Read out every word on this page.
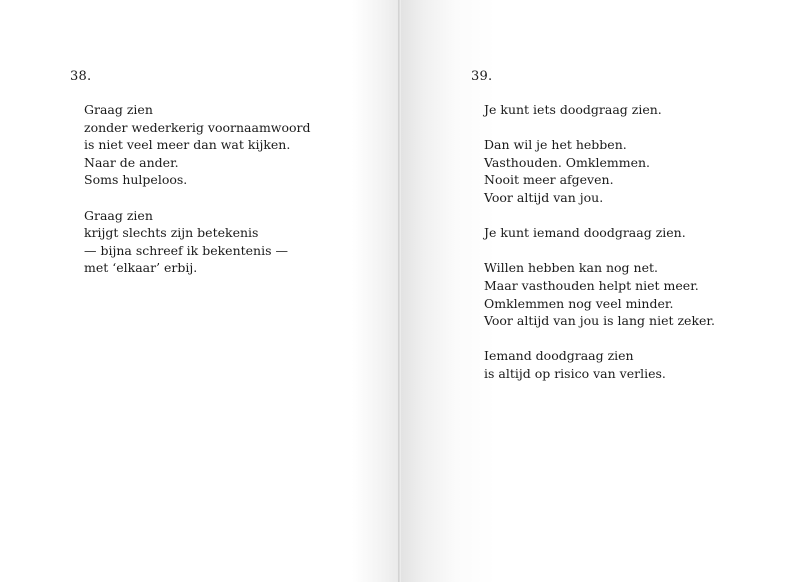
38.
Graag zien
zonder wederkerig voornaamwoord
is niet veel meer dan wat kijken.
Naar de ander.
Soms hulpeloos.
Graag zien
krijgt slechts zijn betekenis
— bijna schreef ik bekentenis —
met ‘elkaar’ erbij.
39.
Je kunt iets doodgraag zien.
Dan wil je het hebben.
Vasthouden. Omklemmen.
Nooit meer afgeven.
Voor altijd van jou.
Je kunt iemand doodgraag zien.
Willen hebben kan nog net.
Maar vasthouden helpt niet meer.
Omklemmen nog veel minder.
Voor altijd van jou is lang niet zeker.
Iemand doodgraag zien
is altijd op risico van verlies.
